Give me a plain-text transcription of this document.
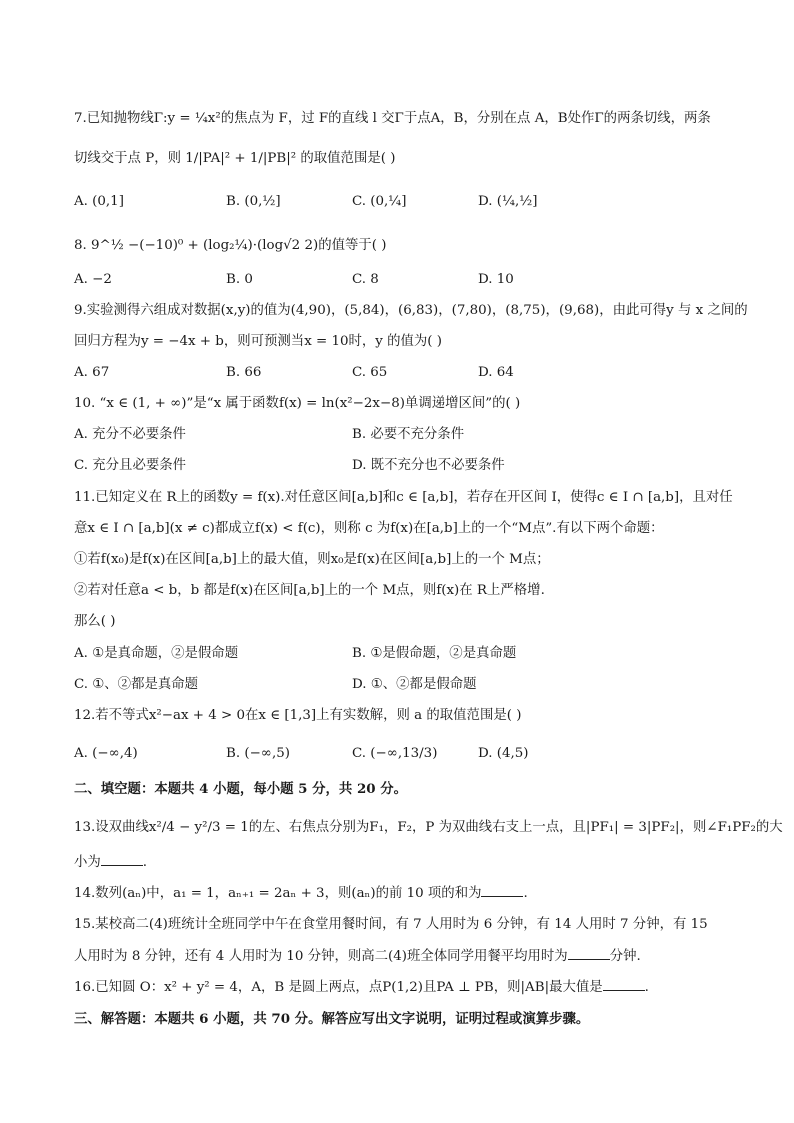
7.已知抛物线Γ:y = ¼x²的焦点为 F，过 F的直线 l 交Γ于点A，B，分别在点 A，B处作Γ的两条切线，两条
切线交于点 P，则 1/|PA|² + 1/|PB|² 的取值范围是( )
A. (0,1]	B. (0,½]	C. (0,¼]	D. (¼,½]
8. 9^½ −(−10)⁰ + (log₂¼)·(log√2 2)的值等于( )
A. −2	B. 0	C. 8	D. 10
9.实验测得六组成对数据(x,y)的值为(4,90)，(5,84)，(6,83)，(7,80)，(8,75)，(9,68)，由此可得y 与 x 之间的
回归方程为y = −4x + b，则可预测当x = 10时，y 的值为( )
A. 67	B. 66	C. 65	D. 64
10. “x ∈ (1, + ∞)”是“x 属于函数f(x) = ln(x²−2x−8)单调递增区间”的( )
A. 充分不必要条件	B. 必要不充分条件
C. 充分且必要条件	D. 既不充分也不必要条件
11.已知定义在 R上的函数y = f(x).对任意区间[a,b]和c ∈ [a,b]，若存在开区间 I，使得c ∈ I ∩ [a,b]，且对任
意x ∈ I ∩ [a,b](x ≠ c)都成立f(x) < f(c)，则称 c 为f(x)在[a,b]上的一个“M点”.有以下两个命题：
①若f(x₀)是f(x)在区间[a,b]上的最大值，则x₀是f(x)在区间[a,b]上的一个 M点；
②若对任意a < b，b 都是f(x)在区间[a,b]上的一个 M点，则f(x)在 R上严格增.
那么( )
A. ①是真命题，②是假命题	B. ①是假命题，②是真命题
C. ①、②都是真命题	D. ①、②都是假命题
12.若不等式x²−ax + 4 > 0在x ∈ [1,3]上有实数解，则 a 的取值范围是( )
A. (−∞,4)	B. (−∞,5)	C. (−∞,13/3)	D. (4,5)
二、填空题：本题共 4 小题，每小题 5 分，共 20 分。
13.设双曲线x²/4 − y²/3 = 1的左、右焦点分别为F₁，F₂，P 为双曲线右支上一点，且|PF₁| = 3|PF₂|，则∠F₁PF₂的大
小为	.
14.数列(aₙ)中，a₁ = 1，aₙ₊₁ = 2aₙ + 3，则(aₙ)的前 10 项的和为	.
15.某校高二(4)班统计全班同学中午在食堂用餐时间，有 7 人用时为 6 分钟，有 14 人用时 7 分钟，有 15
人用时为 8 分钟，还有 4 人用时为 10 分钟，则高二(4)班全体同学用餐平均用时为	分钟.
16.已知圆 O：x² + y² = 4，A，B 是圆上两点，点P(1,2)且PA ⊥ PB，则|AB|最大值是	.
三、解答题：本题共 6 小题，共 70 分。解答应写出文字说明，证明过程或演算步骤。
